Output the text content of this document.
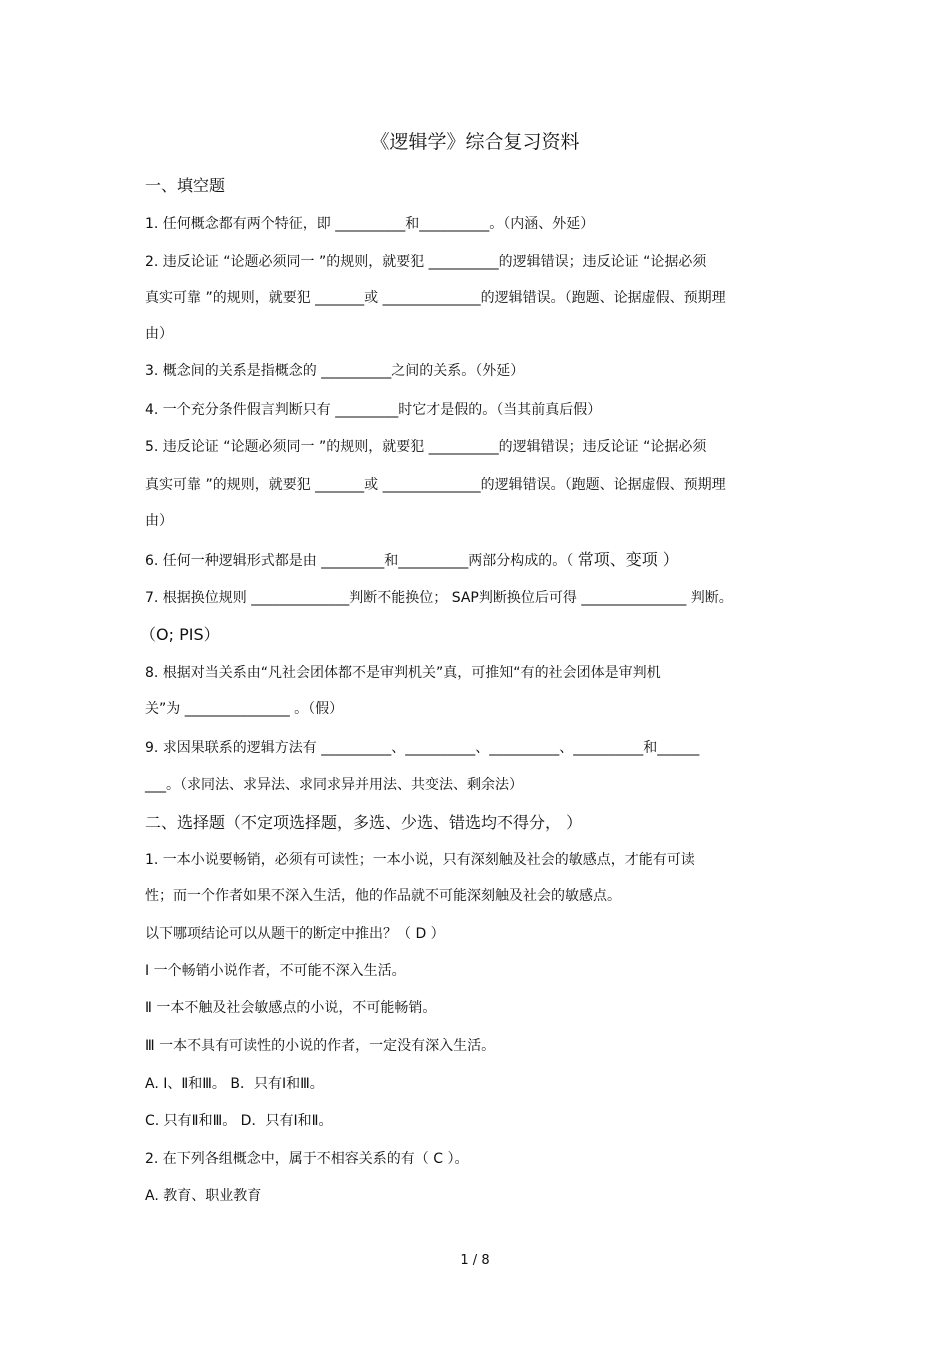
《逻辑学》综合复习资料
一、填空题
1. 任何概念都有两个特征，即 __________和__________。（内涵、外延）
2. 违反论证 “论题必须同一 ”的规则，就要犯 __________的逻辑错误；违反论证 “论据必须
真实可靠 ”的规则，就要犯 _______或 ______________的逻辑错误。（跑题、论据虚假、预期理
由）
3. 概念间的关系是指概念的 __________之间的关系。（外延）
4. 一个充分条件假言判断只有 _________时它才是假的。（当其前真后假）
5. 违反论证 “论题必须同一 ”的规则，就要犯 __________的逻辑错误；违反论证 “论据必须
真实可靠 ”的规则，就要犯 _______或 ______________的逻辑错误。（跑题、论据虚假、预期理
由）
6. 任何一种逻辑形式都是由 _________和__________两部分构成的。（ 常项、变项 ）
7. 根据换位规则 ______________判断不能换位； SAP判断换位后可得 _______________ 判断。
（O; PIS）
8. 根据对当关系由“凡社会团体都不是审判机关”真，可推知“有的社会团体是审判机
关”为 _______________ 。（假）
9. 求因果联系的逻辑方法有 __________、__________、__________、__________和______
___。（求同法、求异法、求同求异并用法、共变法、剩余法）
二、选择题（不定项选择题，多选、少选、错选均不得分， ）
1. 一本小说要畅销，必须有可读性；一本小说，只有深刻触及社会的敏感点，才能有可读
性；而一个作者如果不深入生活，他的作品就不可能深刻触及社会的敏感点。
以下哪项结论可以从题干的断定中推出？（ D ）
Ⅰ 一个畅销小说作者，不可能不深入生活。
Ⅱ 一本不触及社会敏感点的小说，不可能畅销。
Ⅲ 一本不具有可读性的小说的作者，一定没有深入生活。
A. Ⅰ、Ⅱ和Ⅲ。 B．只有Ⅰ和Ⅲ。
C. 只有Ⅱ和Ⅲ。 D．只有Ⅰ和Ⅱ。
2. 在下列各组概念中，属于不相容关系的有（ C ）。
A. 教育、职业教育
1 / 8
